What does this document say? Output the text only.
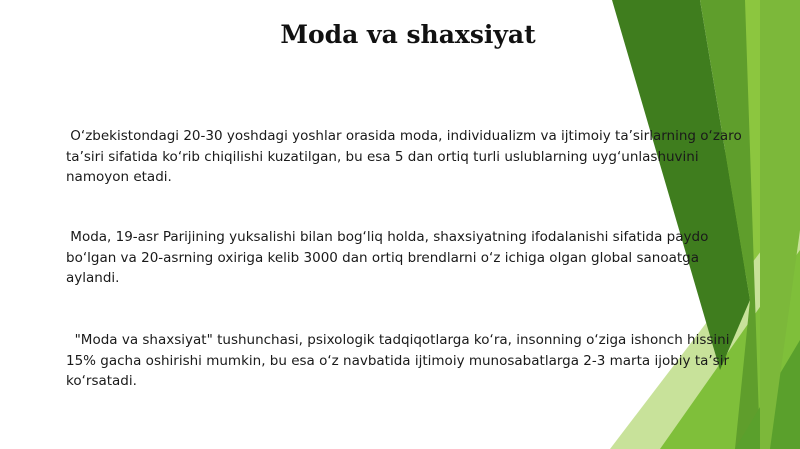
Moda va shaxsiyat

O‘zbekistondagi 20-30 yoshdagi yoshlar orasida moda, individualizm va ijtimoiy ta’sirlarning o‘zaro ta’siri sifatida ko‘rib chiqilishi kuzatilgan, bu esa 5 dan ortiq turli uslublarning uyg‘unlashuvini namoyon etadi.

Moda, 19-asr Parijining yuksalishi bilan bog‘liq holda, shaxsiyatning ifodalanishi sifatida paydo bo‘lgan va 20-asrning oxiriga kelib 3000 dan ortiq brendlarni o‘z ichiga olgan global sanoatga aylandi.

"Moda va shaxsiyat" tushunchasi, psixologik tadqiqotlarga ko‘ra, insonning o‘ziga ishonch hissini 15% gacha oshirishi mumkin, bu esa o‘z navbatida ijtimoiy munosabatlarga 2-3 marta ijobiy ta’sir ko‘rsatadi.
